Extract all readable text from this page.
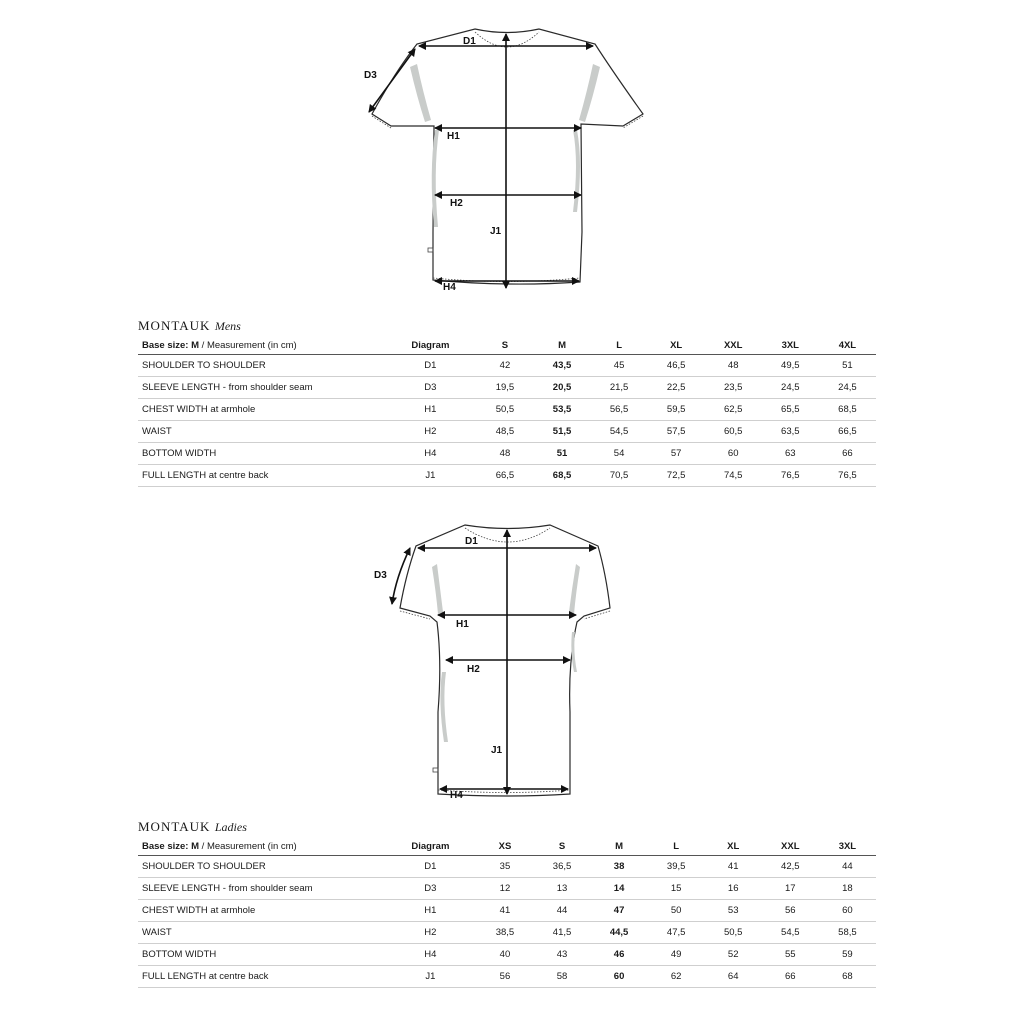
D1
D3
H1
H2
J1
H4
MONTAUK Mens
Base size: M / Measurement (in cm)	Diagram	S	M	L	XL	XXL	3XL	4XL
SHOULDER TO SHOULDER	D1	42	43,5	45	46,5	48	49,5	51
SLEEVE LENGTH - from shoulder seam	D3	19,5	20,5	21,5	22,5	23,5	24,5	24,5
CHEST WIDTH at armhole	H1	50,5	53,5	56,5	59,5	62,5	65,5	68,5
WAIST	H2	48,5	51,5	54,5	57,5	60,5	63,5	66,5
BOTTOM WIDTH	H4	48	51	54	57	60	63	66
FULL LENGTH at centre back	J1	66,5	68,5	70,5	72,5	74,5	76,5	76,5
D1
D3
H1
H2
J1
H4
MONTAUK Ladies
Base size: M / Measurement (in cm)	Diagram	XS	S	M	L	XL	XXL	3XL
SHOULDER TO SHOULDER	D1	35	36,5	38	39,5	41	42,5	44
SLEEVE LENGTH - from shoulder seam	D3	12	13	14	15	16	17	18
CHEST WIDTH at armhole	H1	41	44	47	50	53	56	60
WAIST	H2	38,5	41,5	44,5	47,5	50,5	54,5	58,5
BOTTOM WIDTH	H4	40	43	46	49	52	55	59
FULL LENGTH at centre back	J1	56	58	60	62	64	66	68
